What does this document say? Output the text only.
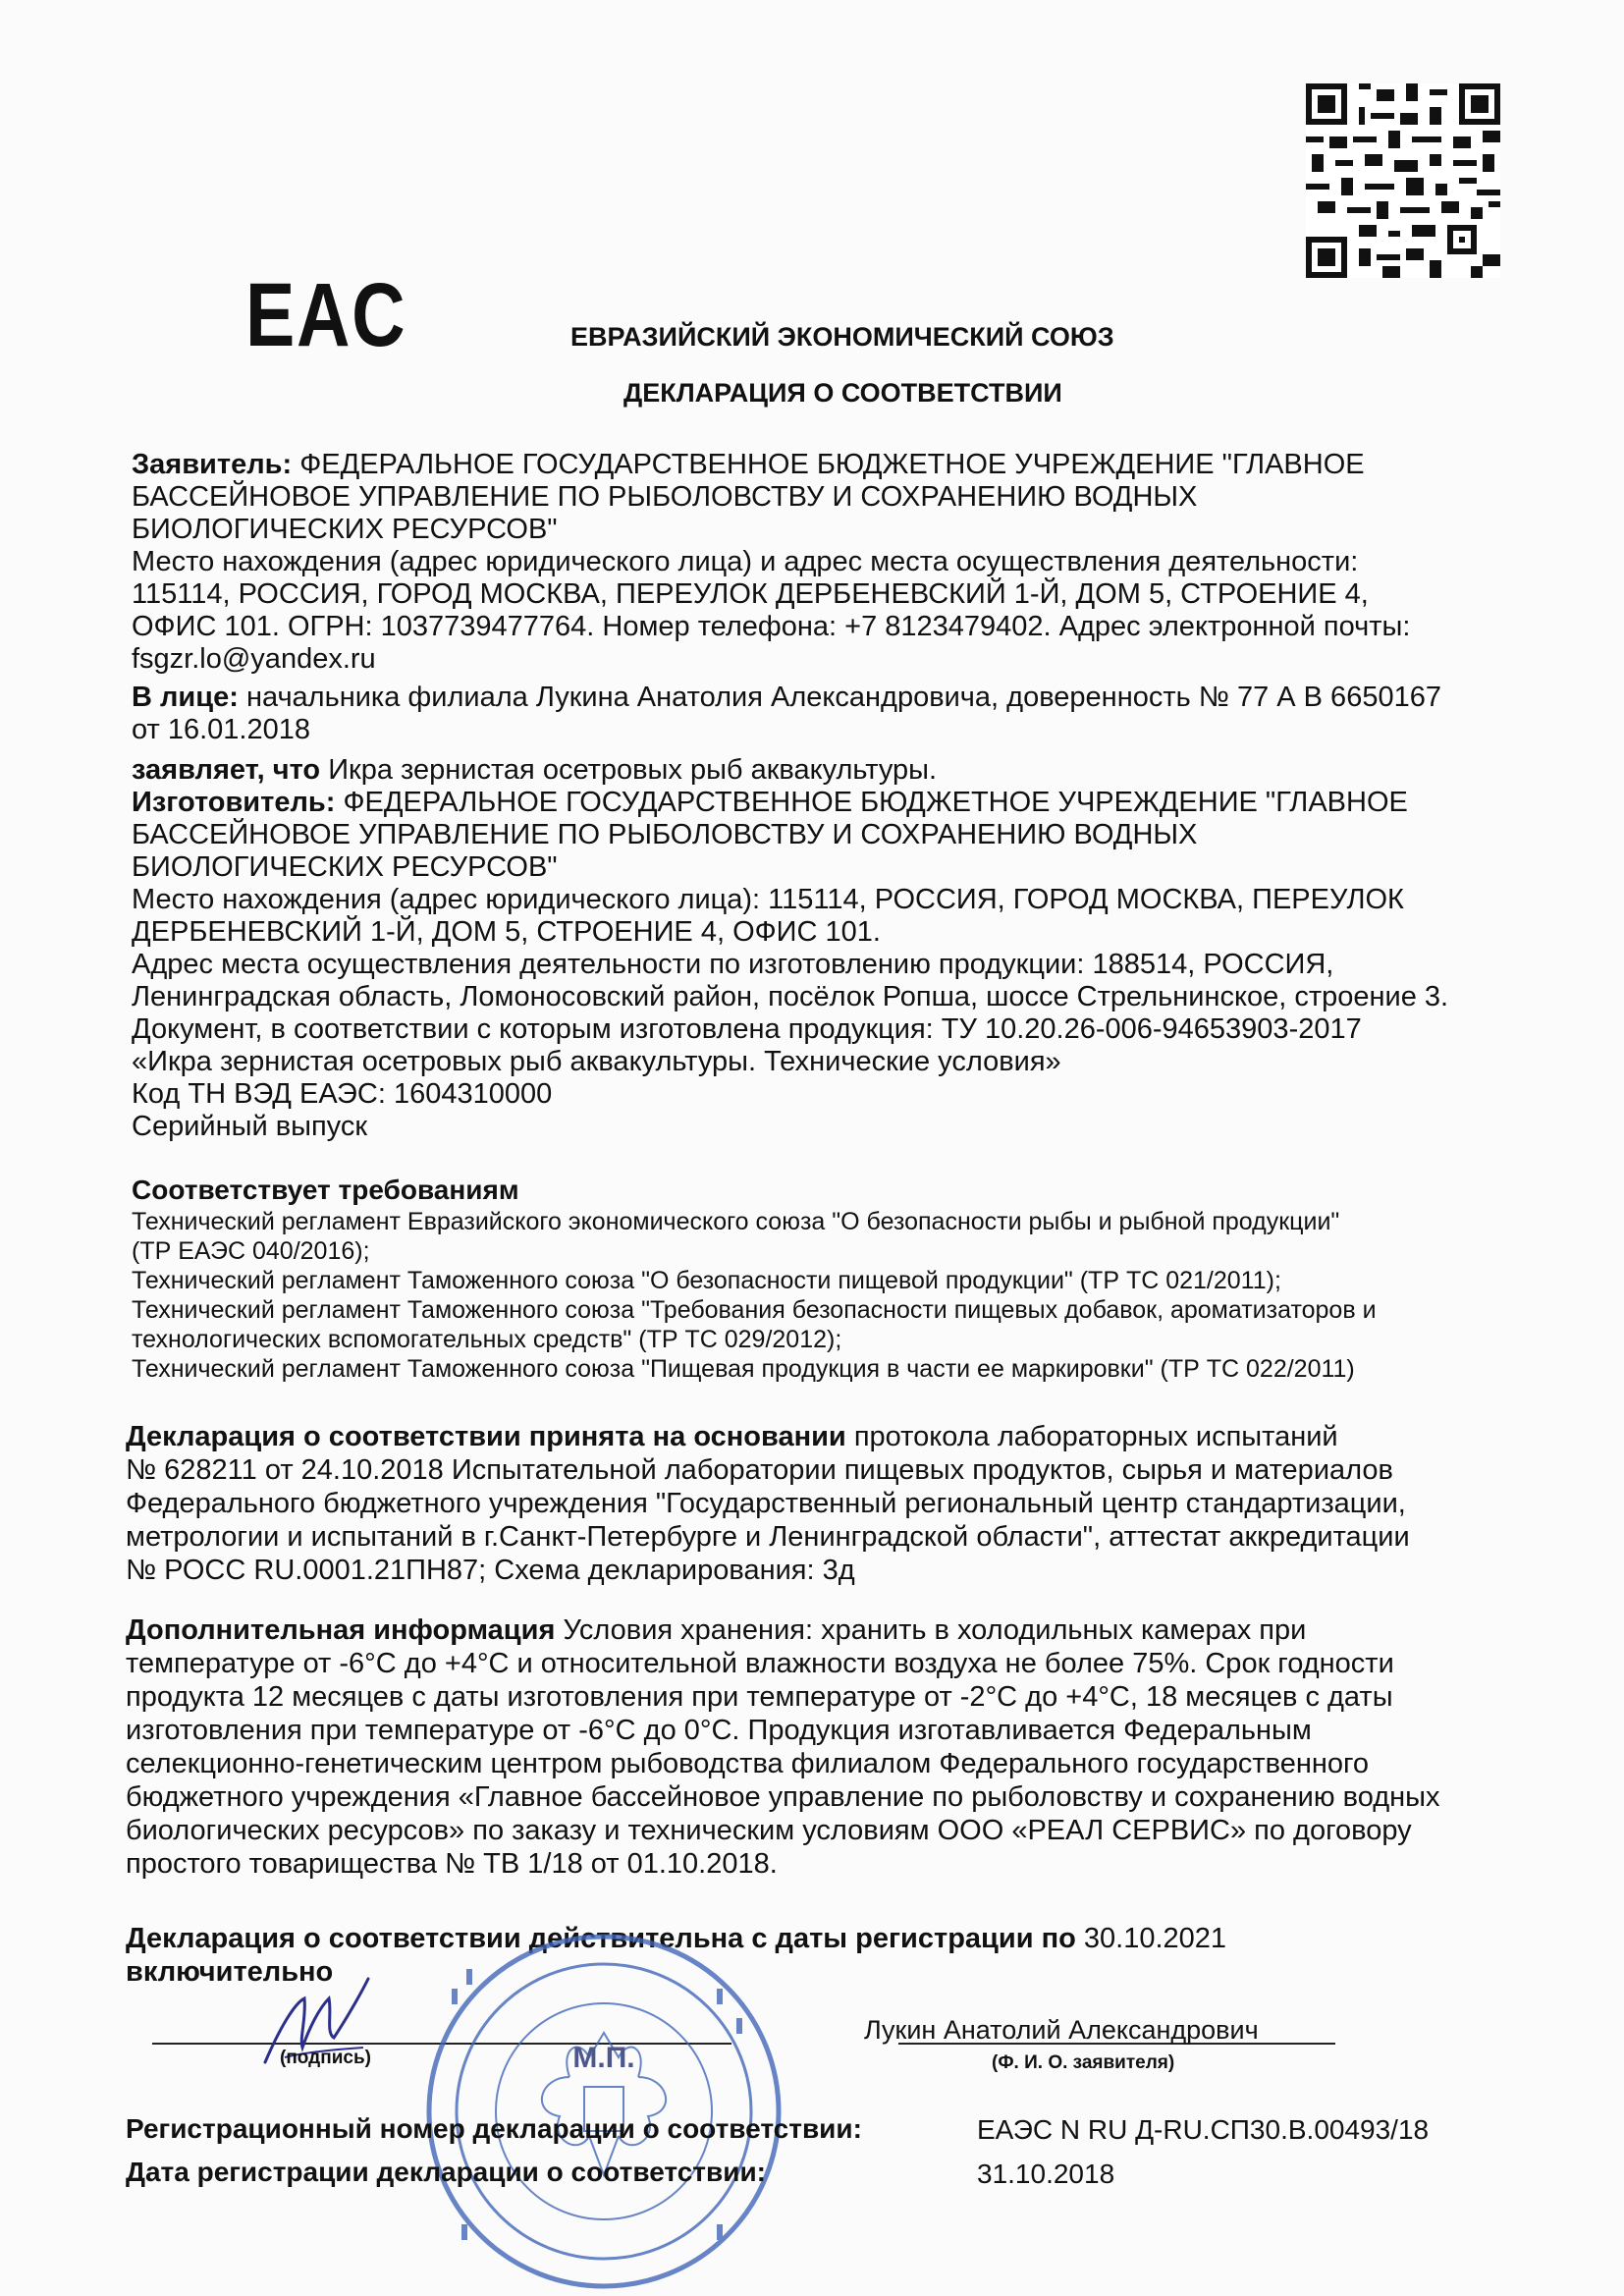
EAC	ЕВРАЗИЙСКИЙ ЭКОНОМИЧЕСКИЙ СОЮЗ
ДЕКЛАРАЦИЯ О СООТВЕТСТВИИ
Заявитель: ФЕДЕРАЛЬНОЕ ГОСУДАРСТВЕННОЕ БЮДЖЕТНОЕ УЧРЕЖДЕНИЕ "ГЛАВНОЕ
БАССЕЙНОВОЕ УПРАВЛЕНИЕ ПО РЫБОЛОВСТВУ И СОХРАНЕНИЮ ВОДНЫХ
БИОЛОГИЧЕСКИХ РЕСУРСОВ"
Место нахождения (адрес юридического лица) и адрес места осуществления деятельности:
115114, РОССИЯ, ГОРОД МОСКВА, ПЕРЕУЛОК ДЕРБЕНЕВСКИЙ 1-Й, ДОМ 5, СТРОЕНИЕ 4,
ОФИС 101. ОГРН: 1037739477764. Номер телефона: +7 8123479402. Адрес электронной почты:
fsgzr.lo@yandex.ru
В лице: начальника филиала Лукина Анатолия Александровича, доверенность № 77 А В 6650167
от 16.01.2018
заявляет, что Икра зернистая осетровых рыб аквакультуры.
Изготовитель: ФЕДЕРАЛЬНОЕ ГОСУДАРСТВЕННОЕ БЮДЖЕТНОЕ УЧРЕЖДЕНИЕ "ГЛАВНОЕ
БАССЕЙНОВОЕ УПРАВЛЕНИЕ ПО РЫБОЛОВСТВУ И СОХРАНЕНИЮ ВОДНЫХ
БИОЛОГИЧЕСКИХ РЕСУРСОВ"
Место нахождения (адрес юридического лица): 115114, РОССИЯ, ГОРОД МОСКВА, ПЕРЕУЛОК
ДЕРБЕНЕВСКИЙ 1-Й, ДОМ 5, СТРОЕНИЕ 4, ОФИС 101.
Адрес места осуществления деятельности по изготовлению продукции: 188514, РОССИЯ,
Ленинградская область, Ломоносовский район, посёлок Ропша, шоссе Стрельнинское, строение 3.
Документ, в соответствии с которым изготовлена продукция: ТУ 10.20.26-006-94653903-2017
«Икра зернистая осетровых рыб аквакультуры. Технические условия»
Код ТН ВЭД ЕАЭС: 1604310000
Серийный выпуск
Соответствует требованиям
Технический регламент Евразийского экономического союза "О безопасности рыбы и рыбной продукции"
(ТР ЕАЭС 040/2016);
Технический регламент Таможенного союза "О безопасности пищевой продукции" (ТР ТС 021/2011);
Технический регламент Таможенного союза "Требования безопасности пищевых добавок, ароматизаторов и
технологических вспомогательных средств" (ТР ТС 029/2012);
Технический регламент Таможенного союза "Пищевая продукция в части ее маркировки" (ТР ТС 022/2011)
Декларация о соответствии принята на основании протокола лабораторных испытаний
№ 628211 от 24.10.2018 Испытательной лаборатории пищевых продуктов, сырья и материалов
Федерального бюджетного учреждения "Государственный региональный центр стандартизации,
метрологии и испытаний в г.Санкт-Петербурге и Ленинградской области", аттестат аккредитации
№ РОСС RU.0001.21ПН87; Схема декларирования: 3д
Дополнительная информация Условия хранения: хранить в холодильных камерах при
температуре от -6°С до +4°С и относительной влажности воздуха не более 75%. Срок годности
продукта 12 месяцев с даты изготовления при температуре от -2°С до +4°С, 18 месяцев с даты
изготовления при температуре от -6°С до 0°С. Продукция изготавливается Федеральным
селекционно-генетическим центром рыбоводства филиалом Федерального государственного
бюджетного учреждения «Главное бассейновое управление по рыболовству и сохранению водных
биологических ресурсов» по заказу и техническим условиям ООО «РЕАЛ СЕРВИС» по договору
простого товарищества № ТВ 1/18 от 01.10.2018.
Декларация о соответствии действительна с даты регистрации по 30.10.2021
включительно
(подпись)
Лукин Анатолий Александрович
(Ф. И. О. заявителя)
М.П.
Регистрационный номер декларации о соответствии:	ЕАЭС N RU Д-RU.СП30.В.00493/18
Дата регистрации декларации о соответствии:	31.10.2018
